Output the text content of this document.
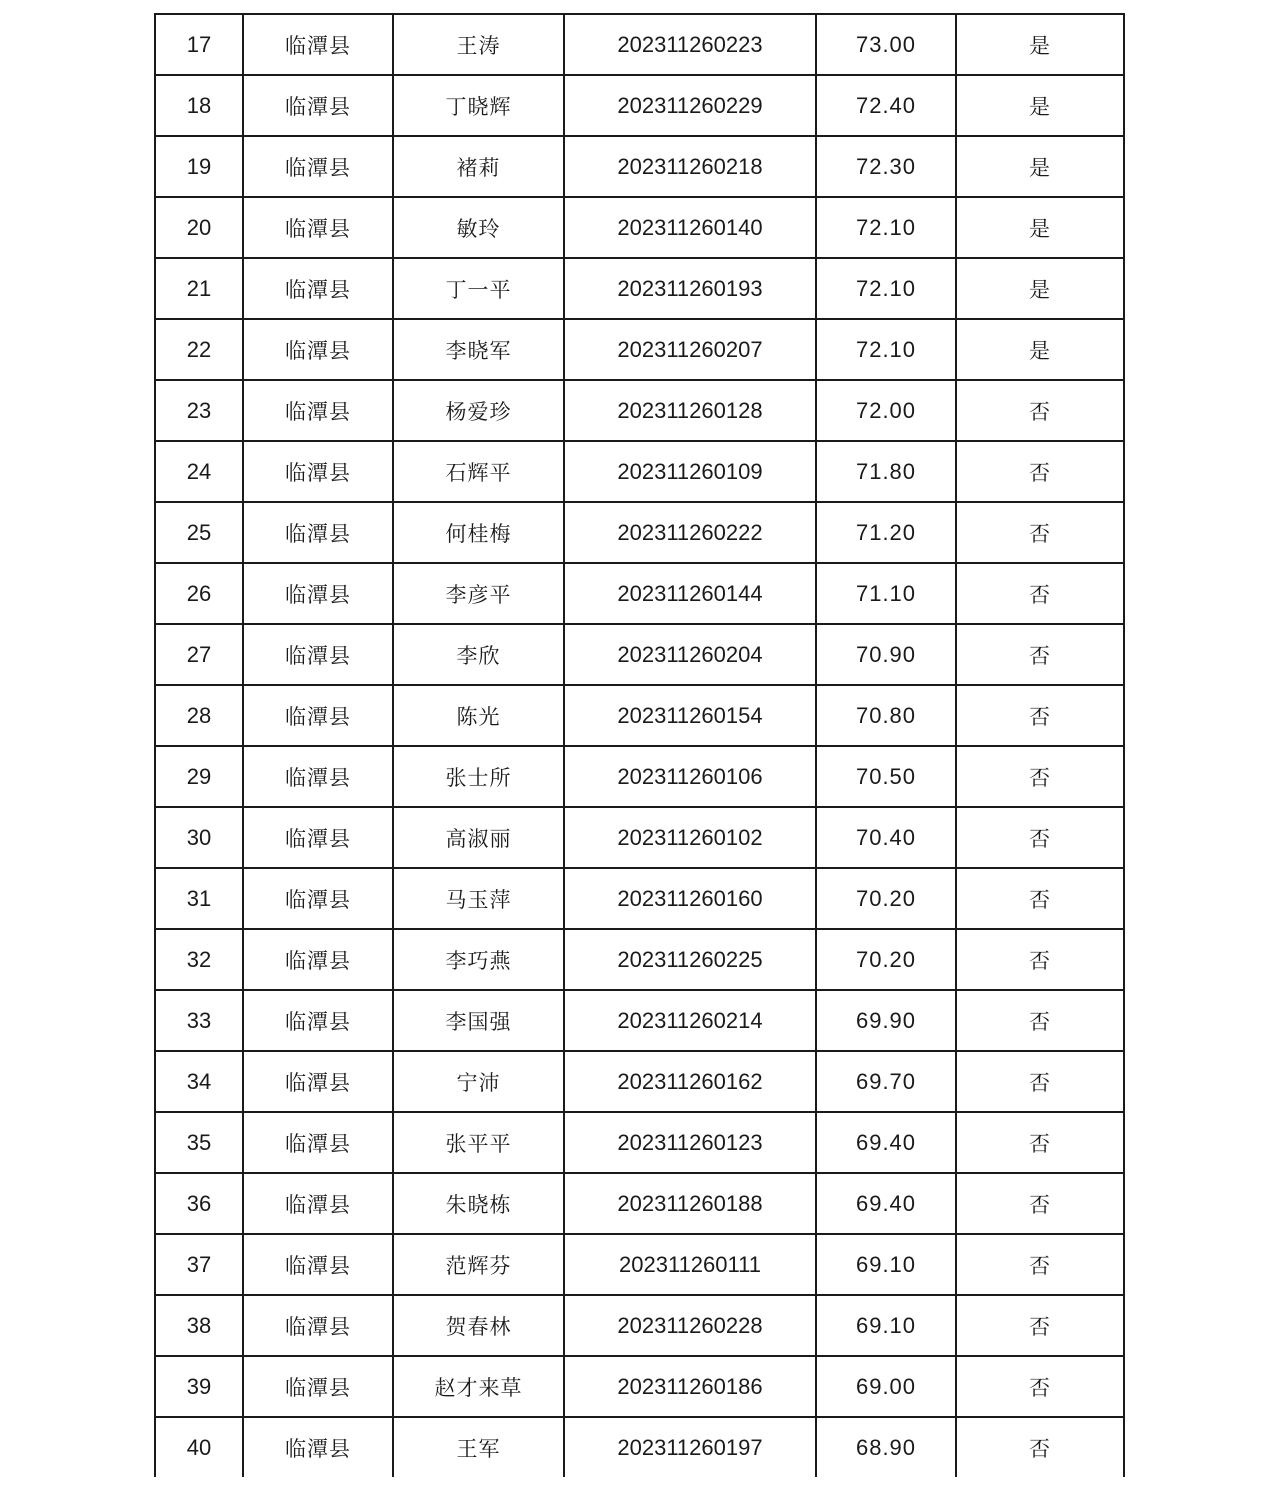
17	临潭县	王涛	202311260223	73.00	是
18	临潭县	丁晓辉	202311260229	72.40	是
19	临潭县	褚莉	202311260218	72.30	是
20	临潭县	敏玲	202311260140	72.10	是
21	临潭县	丁一平	202311260193	72.10	是
22	临潭县	李晓军	202311260207	72.10	是
23	临潭县	杨爱珍	202311260128	72.00	否
24	临潭县	石辉平	202311260109	71.80	否
25	临潭县	何桂梅	202311260222	71.20	否
26	临潭县	李彦平	202311260144	71.10	否
27	临潭县	李欣	202311260204	70.90	否
28	临潭县	陈光	202311260154	70.80	否
29	临潭县	张士所	202311260106	70.50	否
30	临潭县	高淑丽	202311260102	70.40	否
31	临潭县	马玉萍	202311260160	70.20	否
32	临潭县	李巧燕	202311260225	70.20	否
33	临潭县	李国强	202311260214	69.90	否
34	临潭县	宁沛	202311260162	69.70	否
35	临潭县	张平平	202311260123	69.40	否
36	临潭县	朱晓栋	202311260188	69.40	否
37	临潭县	范辉芬	202311260111	69.10	否
38	临潭县	贺春林	202311260228	69.10	否
39	临潭县	赵才来草	202311260186	69.00	否
40	临潭县	王军	202311260197	68.90	否
